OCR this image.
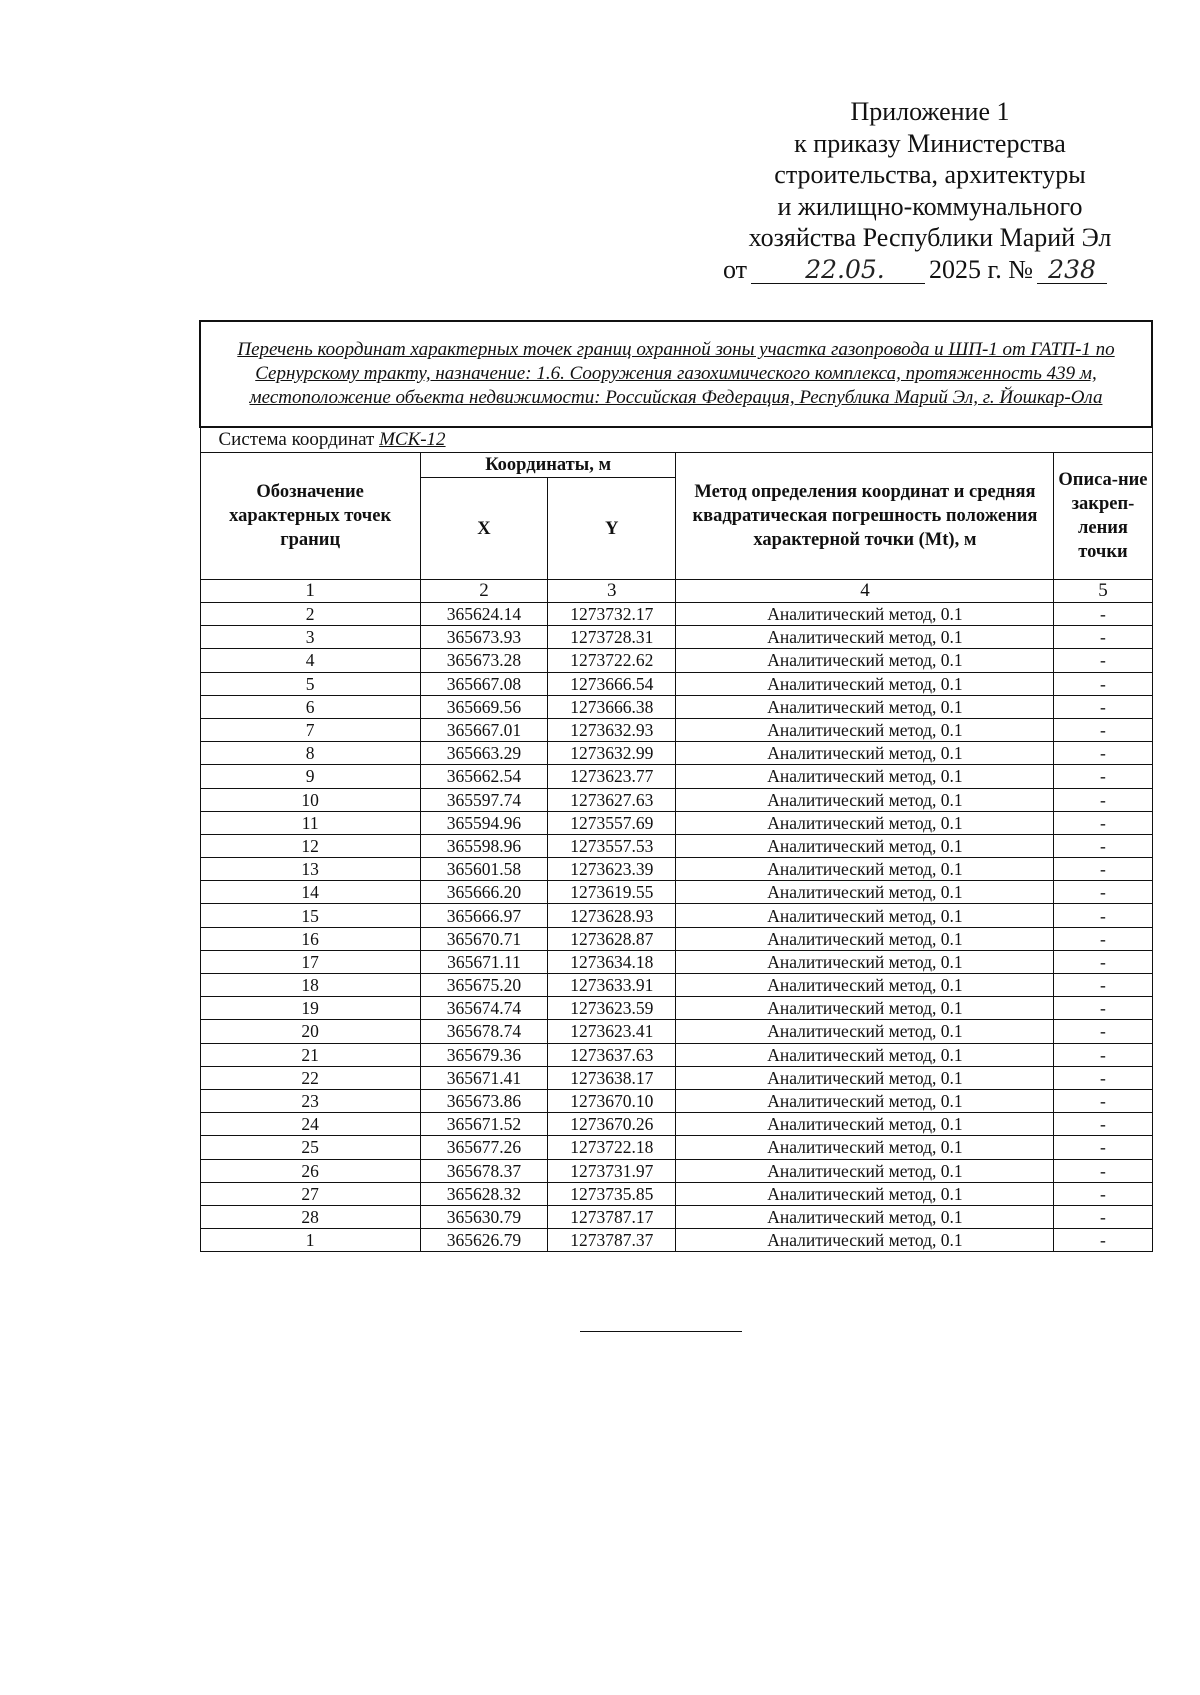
Приложение 1
к приказу Министерства
строительства, архитектуры
и жилищно-коммунального
хозяйства Республики Марий Эл
от	22.05.	2025 г. № 238
Перечень координат характерных точек границ охранной зоны участка газопровода и ШП-1 от ГАТП-1 по Сернурскому тракту, назначение: 1.6. Сооружения газохимического комплекса, протяженность 439 м, местоположение объекта недвижимости: Российская Федерация, Республика Марий Эл, г. Йошкар-Ола				
Система координат МСК-12				
Обозначение характерных точек границ	Координаты, м		Метод определения координат и средняя квадратическая погрешность положения характерной точки (Mt), м	Описа-ние закреп-ления точки
	X	Y		
1	2	3	4	5
2	365624.14	1273732.17	Аналитический метод, 0.1	-
3	365673.93	1273728.31	Аналитический метод, 0.1	-
4	365673.28	1273722.62	Аналитический метод, 0.1	-
5	365667.08	1273666.54	Аналитический метод, 0.1	-
6	365669.56	1273666.38	Аналитический метод, 0.1	-
7	365667.01	1273632.93	Аналитический метод, 0.1	-
8	365663.29	1273632.99	Аналитический метод, 0.1	-
9	365662.54	1273623.77	Аналитический метод, 0.1	-
10	365597.74	1273627.63	Аналитический метод, 0.1	-
11	365594.96	1273557.69	Аналитический метод, 0.1	-
12	365598.96	1273557.53	Аналитический метод, 0.1	-
13	365601.58	1273623.39	Аналитический метод, 0.1	-
14	365666.20	1273619.55	Аналитический метод, 0.1	-
15	365666.97	1273628.93	Аналитический метод, 0.1	-
16	365670.71	1273628.87	Аналитический метод, 0.1	-
17	365671.11	1273634.18	Аналитический метод, 0.1	-
18	365675.20	1273633.91	Аналитический метод, 0.1	-
19	365674.74	1273623.59	Аналитический метод, 0.1	-
20	365678.74	1273623.41	Аналитический метод, 0.1	-
21	365679.36	1273637.63	Аналитический метод, 0.1	-
22	365671.41	1273638.17	Аналитический метод, 0.1	-
23	365673.86	1273670.10	Аналитический метод, 0.1	-
24	365671.52	1273670.26	Аналитический метод, 0.1	-
25	365677.26	1273722.18	Аналитический метод, 0.1	-
26	365678.37	1273731.97	Аналитический метод, 0.1	-
27	365628.32	1273735.85	Аналитический метод, 0.1	-
28	365630.79	1273787.17	Аналитический метод, 0.1	-
1	365626.79	1273787.37	Аналитический метод, 0.1	-
